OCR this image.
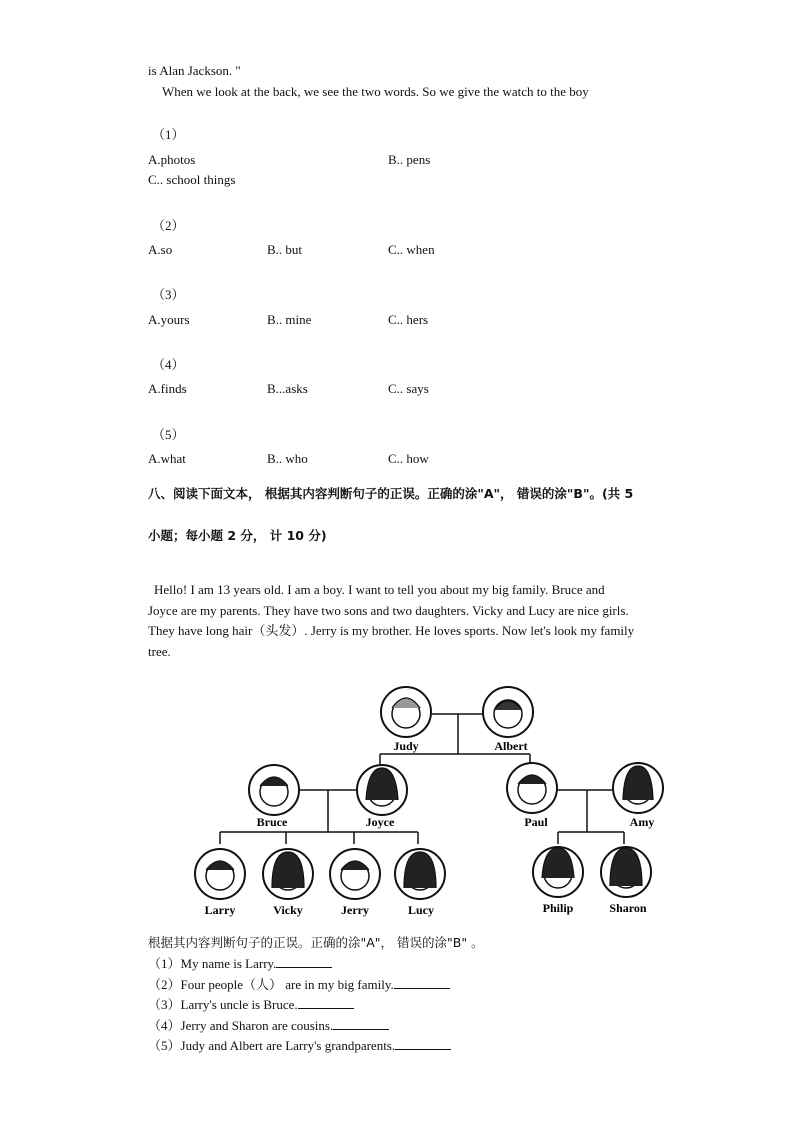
is Alan Jackson. "
When we look at the back, we see the two words. So we give the watch to the boy
（1）
A.photos	B.. pens
C.. school things
（2）
A.so	B.. but	C.. when
（3）
A.yours	B.. mine	C.. hers
（4）
A.finds	B...asks	C.. says
（5）
A.what	B.. who	C.. how
八、阅读下面文本， 根据其内容判断句子的正误。正确的涂"A"， 错误的涂"B"。(共 5
小题；每小题 2 分， 计 10 分)
Hello! I am 13 years old. I am a boy. I want to tell you about my big family. Bruce and
Joyce are my parents. They have two sons and two daughters. Vicky and Lucy are nice girls.
They have long hair（头发）. Jerry is my brother. He loves sports. Now let's look my family
tree.
Judy	Albert
Bruce	Joyce	Paul	Amy
Larry	Vicky	Jerry	Lucy	Philip	Sharon
根据其内容判断句子的正误。正确的涂"A"， 错误的涂"B" 。
（1）My name is Larry.
（2）Four people（人） are in my big family.
（3）Larry's uncle is Bruce.
（4）Jerry and Sharon are cousins.
（5）Judy and Albert are Larry's grandparents.
